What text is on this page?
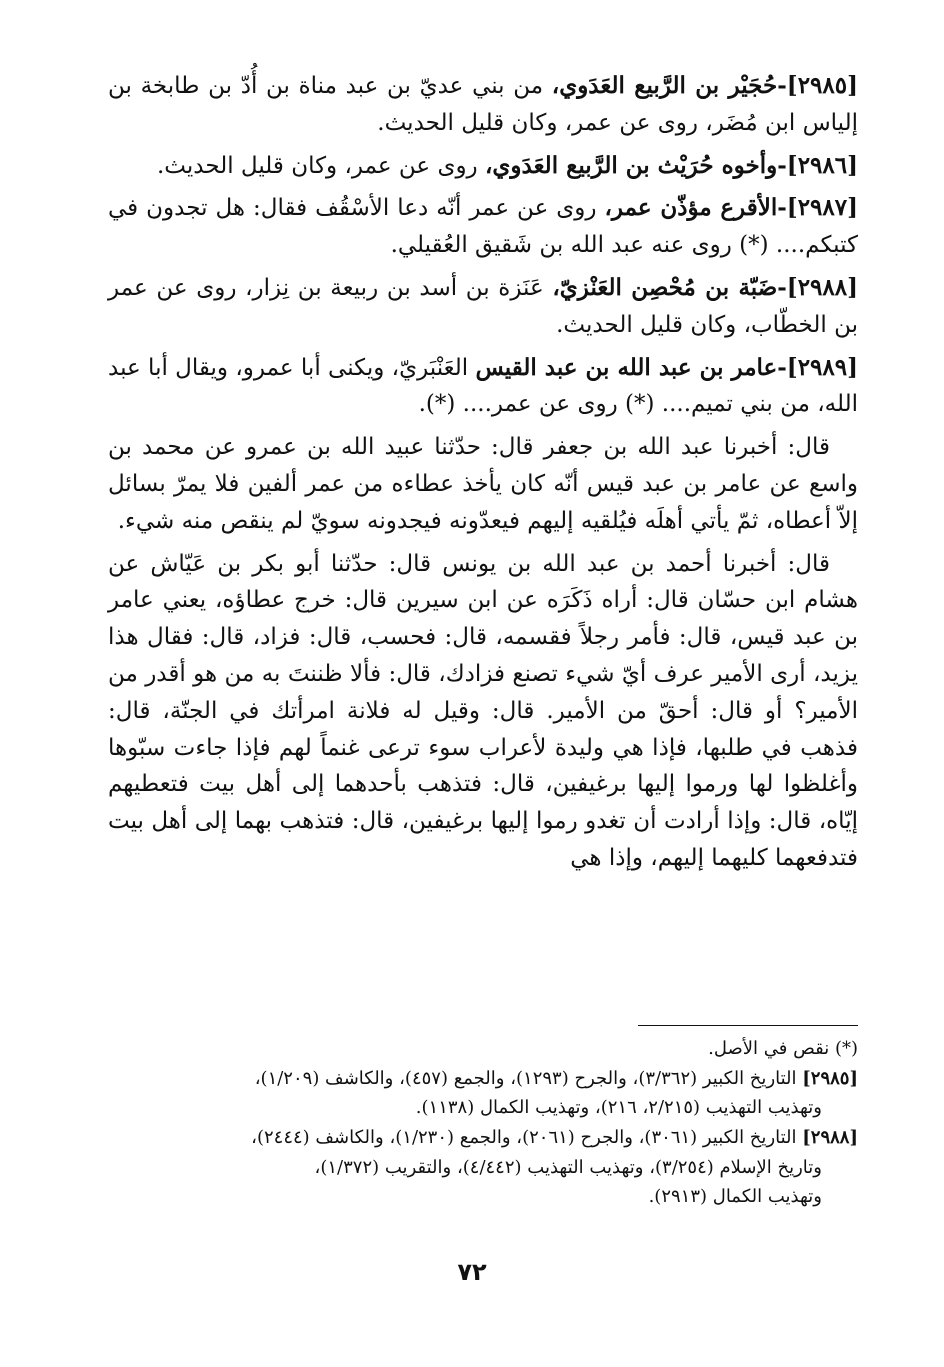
[٢٩٨٥]-حُجَيْر بن الرَّبيع العَدَوي، من بني عديّ بن عبد مناة بن أُدّ بن طابخة بن إلياس ابن مُضَر، روى عن عمر، وكان قليل الحديث.

[٢٩٨٦]-وأخوه حُرَيْث بن الرَّبيع العَدَوي، روى عن عمر، وكان قليل الحديث.

[٢٩٨٧]-الأقرع مؤذّن عمر، روى عن عمر أنّه دعا الأسْقُف فقال: هل تجدون في كتبكم.... (*) روى عنه عبد الله بن شَقيق العُقيلي.

[٢٩٨٨]-ضَبّة بن مُحْصِن العَنْزيّ، عَنَزة بن أسد بن ربيعة بن نِزار، روى عن عمر بن الخطّاب، وكان قليل الحديث.

[٢٩٨٩]-عامر بن عبد الله بن عبد القيس العَنْبَريّ، ويكنى أبا عمرو، ويقال أبا عبد الله، من بني تميم.... (*) روى عن عمر.... (*).

قال: أخبرنا عبد الله بن جعفر قال: حدّثنا عبيد الله بن عمرو عن محمد بن واسع عن عامر بن عبد قيس أنّه كان يأخذ عطاءه من عمر ألفين فلا يمرّ بسائل إلاّ أعطاه، ثمّ يأتي أهلَه فيُلقيه إليهم فيعدّونه فيجدونه سويّ لم ينقص منه شيء.

قال: أخبرنا أحمد بن عبد الله بن يونس قال: حدّثنا أبو بكر بن عَيّاش عن هشام ابن حسّان قال: أراه ذَكَرَه عن ابن سيرين قال: خرج عطاؤه، يعني عامر بن عبد قيس، قال: فأمر رجلاً فقسمه، قال: فحسب، قال: فزاد، قال: فقال هذا يزيد، أرى الأمير عرف أيّ شيء تصنع فزادك، قال: فألا ظننتَ به من هو أقدر من الأمير؟ أو قال: أحقّ من الأمير. قال: وقيل له فلانة امرأتك في الجنّة، قال: فذهب في طلبها، فإذا هي وليدة لأعراب سوء ترعى غنماً لهم فإذا جاءت سبّوها وأغلظوا لها ورموا إليها برغيفين، قال: فتذهب بأحدهما إلى أهل بيت فتعطيهم إيّاه، قال: وإذا أرادت أن تغدو رموا إليها برغيفين، قال: فتذهب بهما إلى أهل بيت فتدفعهما كليهما إليهم، وإذا هي

(*) نقص في الأصل.

[٢٩٨٥] التاريخ الكبير (٣/٣٦٢)، والجرح (١٢٩٣)، والجمع (٤٥٧)، والكاشف (١/٢٠٩)،

وتهذيب التهذيب (٢/٢١٥، ٢١٦)، وتهذيب الكمال (١١٣٨).

[٢٩٨٨] التاريخ الكبير (٣٠٦١)، والجرح (٢٠٦١)، والجمع (١/٢٣٠)، والكاشف (٢٤٤٤)،

وتاريخ الإسلام (٣/٢٥٤)، وتهذيب التهذيب (٤/٤٤٢)، والتقريب (١/٣٧٢)،

وتهذيب الكمال (٢٩١٣).

٧٢
